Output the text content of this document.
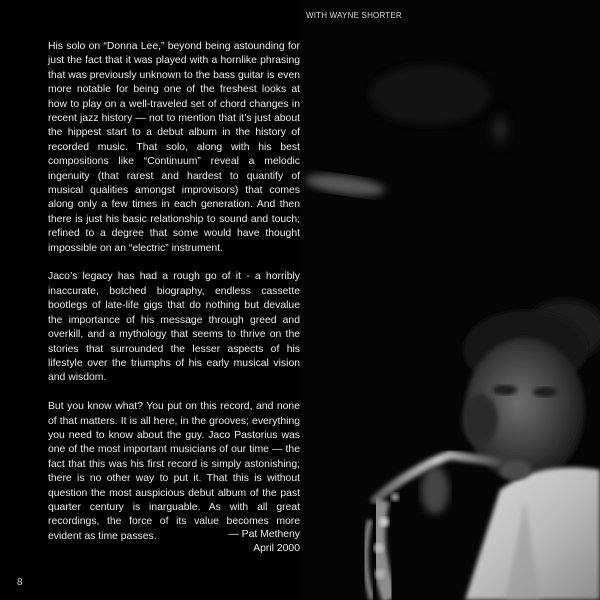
WITH WAYNE SHORTER

His solo on “Donna Lee,” beyond being astounding for just the fact that it was played with a hornlike phrasing that was previously unknown to the bass guitar is even more notable for being one of the freshest looks at how to play on a well-traveled set of chord changes in recent jazz history — not to mention that it’s just about the hippest start to a debut album in the history of recorded music. That solo, along with his best compositions like “Continuum” reveal a melodic ingenuity (that rarest and hardest to quantify of musical qualities amongst improvisors) that comes along only a few times in each generation. And then there is just his basic relationship to sound and touch; refined to a degree that some would have thought impossible on an “electric” instrument.

Jaco’s legacy has had a rough go of it - a horribly inaccurate, botched biography, endless cassette bootlegs of late-life gigs that do nothing but devalue the importance of his message through greed and overkill, and a mythology that seems to thrive on the stories that surrounded the lesser aspects of his lifestyle over the triumphs of his early musical vision and wisdom.

But you know what? You put on this record, and none of that matters. It is all here, in the grooves; everything you need to know about the guy. Jaco Pastorius was one of the most important musicians of our time — the fact that this was his first record is simply astonishing; there is no other way to put it. That this is without question the most auspicious debut album of the past quarter century is inarguable. As with all great recordings, the force of its value becomes more evident as time passes.	— Pat Metheny
April 2000
8
